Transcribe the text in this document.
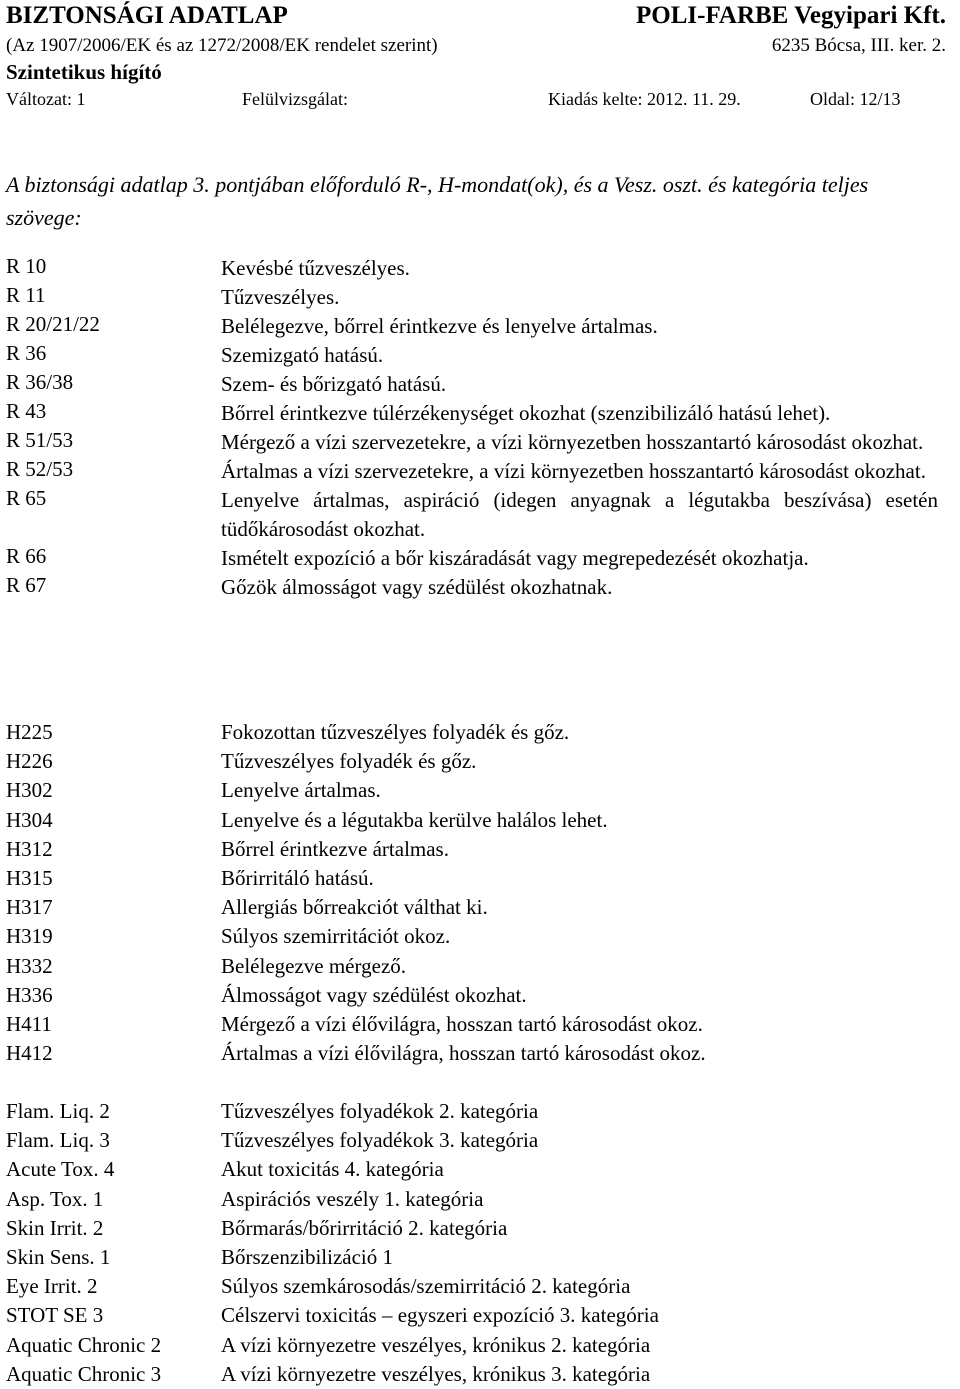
BIZTONSÁGI ADATLAP	POLI-FARBE Vegyipari Kft.
(Az 1907/2006/EK és az 1272/2008/EK rendelet szerint)	6235 Bócsa, III. ker. 2.
Szintetikus hígító
Változat: 1	Felülvizsgálat:	Kiadás kelte: 2012. 11. 29.	Oldal: 12/13
A biztonsági adatlap 3. pontjában előforduló R-, H-mondat(ok), és a Vesz. oszt. és kategória teljes szövege:
R 10	Kevésbé tűzveszélyes.
R 11	Tűzveszélyes.
R 20/21/22	Belélegezve, bőrrel érintkezve és lenyelve ártalmas.
R 36	Szemizgató hatású.
R 36/38	Szem- és bőrizgató hatású.
R 43	Bőrrel érintkezve túlérzékenységet okozhat (szenzibilizáló hatású lehet).
R 51/53	Mérgező a vízi szervezetekre, a vízi környezetben hosszantartó károsodást okozhat.
R 52/53	Ártalmas a vízi szervezetekre, a vízi környezetben hosszantartó károsodást okozhat.
R 65	Lenyelve ártalmas, aspiráció (idegen anyagnak a légutakba beszívása) esetén tüdőkárosodást okozhat.
R 66	Ismételt expozíció a bőr kiszáradását vagy megrepedezését okozhatja.
R 67	Gőzök álmosságot vagy szédülést okozhatnak.
H225	Fokozottan tűzveszélyes folyadék és gőz.
H226	Tűzveszélyes folyadék és gőz.
H302	Lenyelve ártalmas.
H304	Lenyelve és a légutakba kerülve halálos lehet.
H312	Bőrrel érintkezve ártalmas.
H315	Bőrirritáló hatású.
H317	Allergiás bőrreakciót válthat ki.
H319	Súlyos szemirritációt okoz.
H332	Belélegezve mérgező.
H336	Álmosságot vagy szédülést okozhat.
H411	Mérgező a vízi élővilágra, hosszan tartó károsodást okoz.
H412	Ártalmas a vízi élővilágra, hosszan tartó károsodást okoz.
Flam. Liq. 2	Tűzveszélyes folyadékok 2. kategória
Flam. Liq. 3	Tűzveszélyes folyadékok 3. kategória
Acute Tox. 4	Akut toxicitás 4. kategória
Asp. Tox. 1	Aspirációs veszély 1. kategória
Skin Irrit. 2	Bőrmarás/bőrirritáció 2. kategória
Skin Sens. 1	Bőrszenzibilizáció 1
Eye Irrit. 2	Súlyos szemkárosodás/szemirritáció 2. kategória
STOT SE 3	Célszervi toxicitás – egyszeri expozíció 3. kategória
Aquatic Chronic 2	A vízi környezetre veszélyes, krónikus 2. kategória
Aquatic Chronic 3	A vízi környezetre veszélyes, krónikus 3. kategória
